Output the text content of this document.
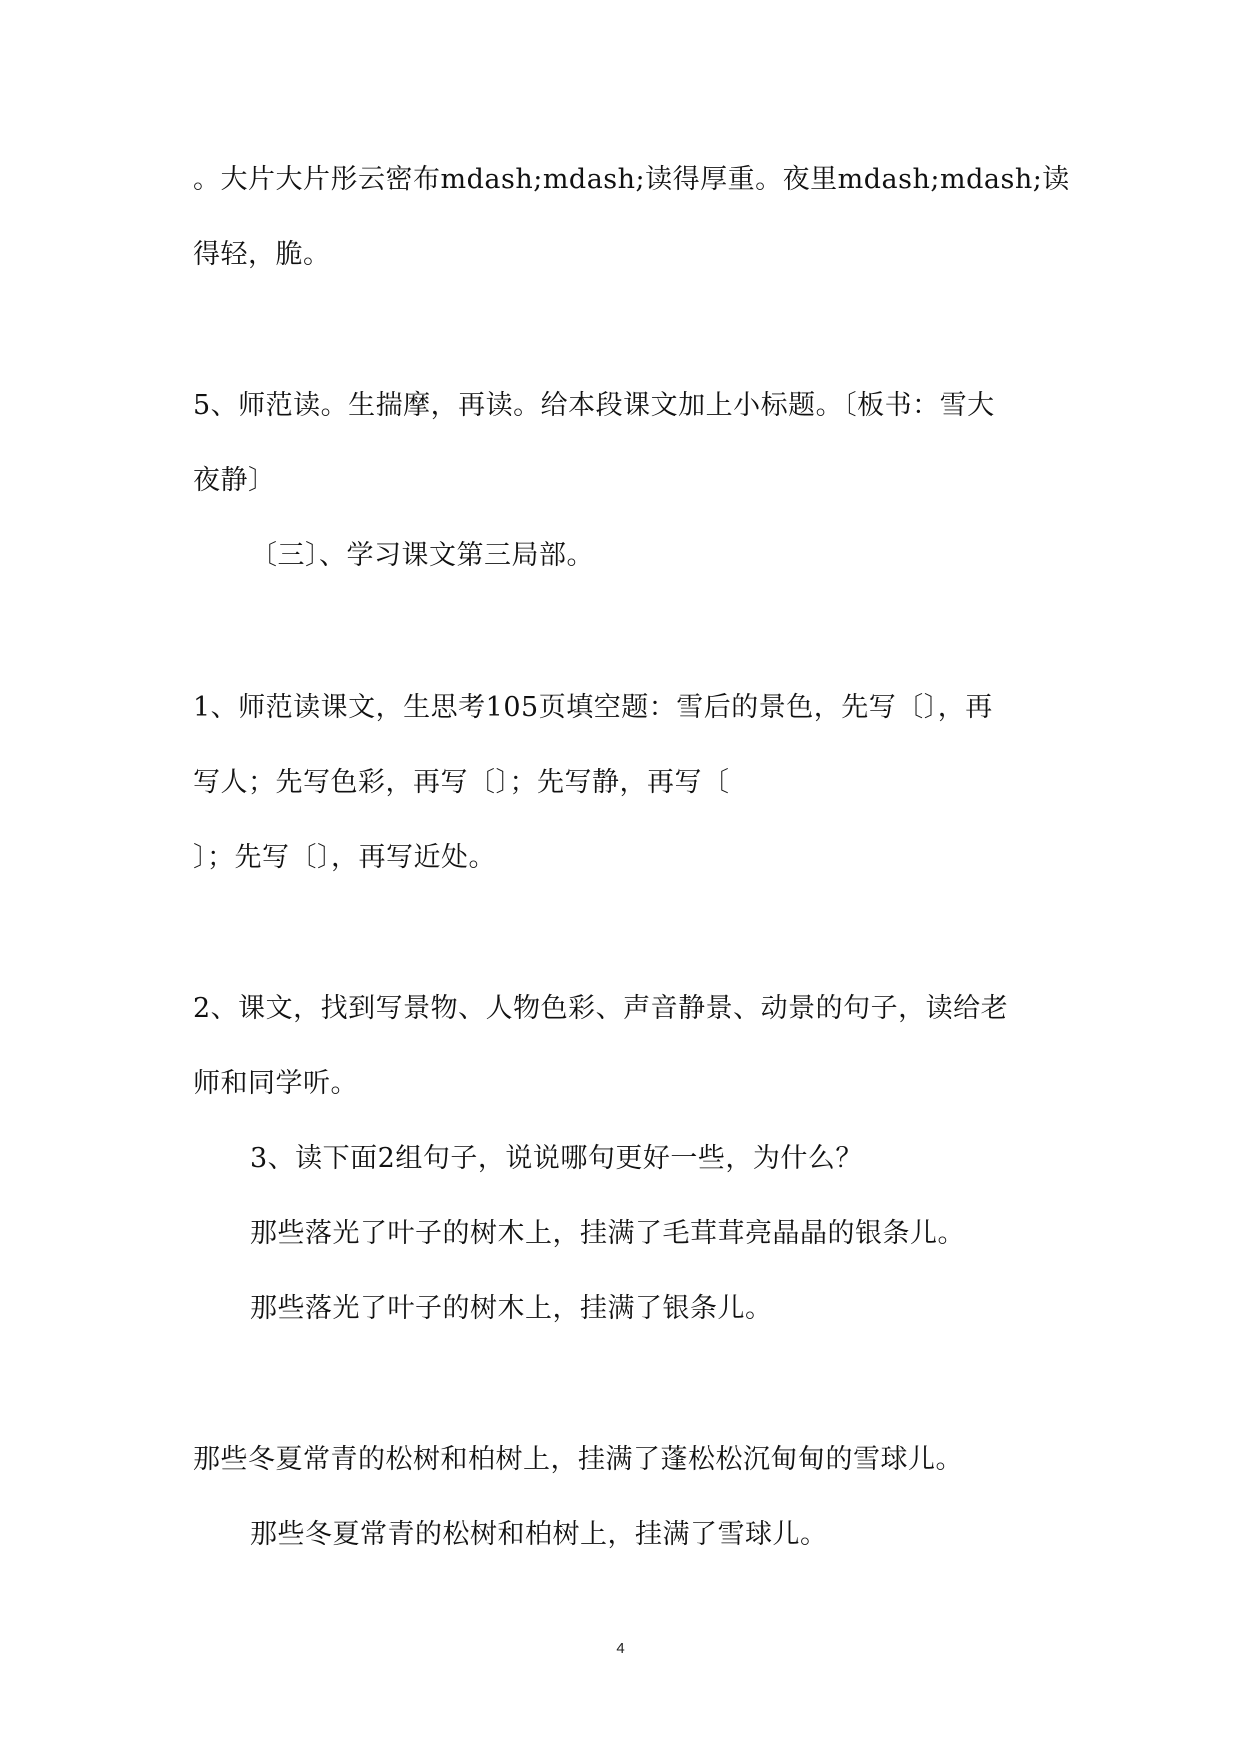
。大片大片彤云密布mdash;mdash;读得厚重。夜里mdash;mdash;读
得轻，脆。
5、师范读。生揣摩，再读。给本段课文加上小标题。〔板书：雪大
夜静〕
〔三〕、学习课文第三局部。
1、师范读课文，生思考105页填空题：雪后的景色，先写〔〕，再
写人；先写色彩，再写〔〕；先写静，再写〔
〕；先写〔〕，再写近处。
2、课文，找到写景物、人物色彩、声音静景、动景的句子，读给老
师和同学听。
3、读下面2组句子，说说哪句更好一些，为什么？
那些落光了叶子的树木上，挂满了毛茸茸亮晶晶的银条儿。
那些落光了叶子的树木上，挂满了银条儿。
那些冬夏常青的松树和柏树上，挂满了蓬松松沉甸甸的雪球儿。
那些冬夏常青的松树和柏树上，挂满了雪球儿。
4
